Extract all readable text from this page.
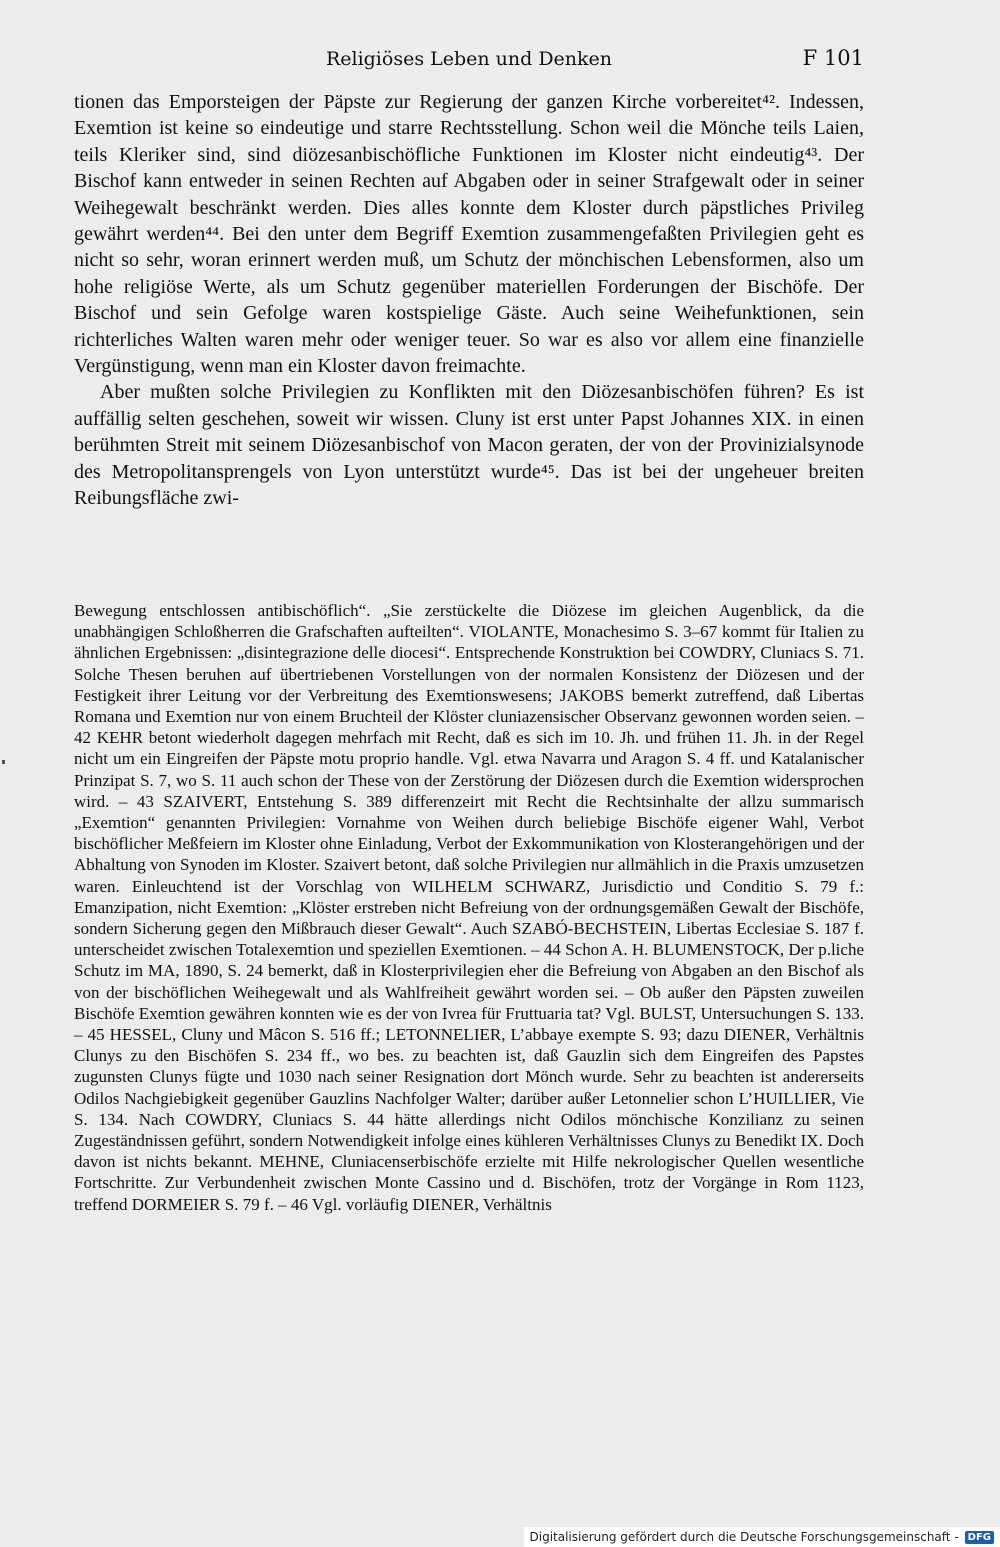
Religiöses Leben und Denken	F 101

tionen das Emporsteigen der Päpste zur Regierung der ganzen Kirche vorbereitet⁴². Indessen, Exemtion ist keine so eindeutige und starre Rechtsstellung. Schon weil die Mönche teils Laien, teils Kleriker sind, sind diözesanbischöfliche Funktionen im Kloster nicht eindeutig⁴³. Der Bischof kann entweder in seinen Rechten auf Abgaben oder in seiner Strafgewalt oder in seiner Weihegewalt beschränkt werden. Dies alles konnte dem Kloster durch päpstliches Privileg gewährt werden⁴⁴. Bei den unter dem Begriff Exemtion zusammengefaßten Privilegien geht es nicht so sehr, woran erinnert werden muß, um Schutz der mönchischen Lebensformen, also um hohe religiöse Werte, als um Schutz gegenüber materiellen Forderungen der Bischöfe. Der Bischof und sein Gefolge waren kostspielige Gäste. Auch seine Weihefunktionen, sein richterliches Walten waren mehr oder weniger teuer. So war es also vor allem eine finanzielle Vergünstigung, wenn man ein Kloster davon freimachte.

Aber mußten solche Privilegien zu Konflikten mit den Diözesanbischöfen führen? Es ist auffällig selten geschehen, soweit wir wissen. Cluny ist erst unter Papst Johannes XIX. in einen berühmten Streit mit seinem Diözesanbischof von Macon geraten, der von der Provinizialsynode des Metropolitansprengels von Lyon unterstützt wurde⁴⁵. Das ist bei der ungeheuer breiten Reibungsfläche zwi-

Bewegung entschlossen antibischöflich“. „Sie zerstückelte die Diözese im gleichen Augenblick, da die unabhängigen Schloßherren die Grafschaften aufteilten“. VIOLANTE, Monachesimo S. 3–67 kommt für Italien zu ähnlichen Ergebnissen: „disintegrazione delle diocesi“. Entsprechende Konstruktion bei COWDRY, Cluniacs S. 71. Solche Thesen beruhen auf übertriebenen Vorstellungen von der normalen Konsistenz der Diözesen und der Festigkeit ihrer Leitung vor der Verbreitung des Exemtionswesens; JAKOBS bemerkt zutreffend, daß Libertas Romana und Exemtion nur von einem Bruchteil der Klöster cluniazensischer Observanz gewonnen worden seien. – 42 KEHR betont wiederholt dagegen mehrfach mit Recht, daß es sich im 10. Jh. und frühen 11. Jh. in der Regel nicht um ein Eingreifen der Päpste motu proprio handle. Vgl. etwa Navarra und Aragon S. 4 ff. und Katalanischer Prinzipat S. 7, wo S. 11 auch schon der These von der Zerstörung der Diözesen durch die Exemtion widersprochen wird. – 43 SZAIVERT, Entstehung S. 389 differenzeirt mit Recht die Rechtsinhalte der allzu summarisch „Exemtion“ genannten Privilegien: Vornahme von Weihen durch beliebige Bischöfe eigener Wahl, Verbot bischöflicher Meßfeiern im Kloster ohne Einladung, Verbot der Exkommunikation von Klosterangehörigen und der Abhaltung von Synoden im Kloster. Szaivert betont, daß solche Privilegien nur allmählich in die Praxis umzusetzen waren. Einleuchtend ist der Vorschlag von WILHELM SCHWARZ, Jurisdictio und Conditio S. 79 f.: Emanzipation, nicht Exemtion: „Klöster erstreben nicht Befreiung von der ordnungsgemäßen Gewalt der Bischöfe, sondern Sicherung gegen den Mißbrauch dieser Gewalt“. Auch SZABÓ-BECHSTEIN, Libertas Ecclesiae S. 187 f. unterscheidet zwischen Totalexemtion und speziellen Exemtionen. – 44 Schon A. H. BLUMENSTOCK, Der p.liche Schutz im MA, 1890, S. 24 bemerkt, daß in Klosterprivilegien eher die Befreiung von Abgaben an den Bischof als von der bischöflichen Weihegewalt und als Wahlfreiheit gewährt worden sei. – Ob außer den Päpsten zuweilen Bischöfe Exemtion gewähren konnten wie es der von Ivrea für Fruttuaria tat? Vgl. BULST, Untersuchungen S. 133. – 45 HESSEL, Cluny und Mâcon S. 516 ff.; LETONNELIER, L’abbaye exempte S. 93; dazu DIENER, Verhältnis Clunys zu den Bischöfen S. 234 ff., wo bes. zu beachten ist, daß Gauzlin sich dem Eingreifen des Papstes zugunsten Clunys fügte und 1030 nach seiner Resignation dort Mönch wurde. Sehr zu beachten ist andererseits Odilos Nachgiebigkeit gegenüber Gauzlins Nachfolger Walter; darüber außer Letonnelier schon L’HUILLIER, Vie S. 134. Nach COWDRY, Cluniacs S. 44 hätte allerdings nicht Odilos mönchische Konzilianz zu seinen Zugeständnissen geführt, sondern Notwendigkeit infolge eines kühleren Verhältnisses Clunys zu Benedikt IX. Doch davon ist nichts bekannt. MEHNE, Cluniacenserbischöfe erzielte mit Hilfe nekrologischer Quellen wesentliche Fortschritte. Zur Verbundenheit zwischen Monte Cassino und d. Bischöfen, trotz der Vorgänge in Rom 1123, treffend DORMEIER S. 79 f. – 46 Vgl. vorläufig DIENER, Verhältnis

Digitalisierung gefördert durch die Deutsche Forschungsgemeinschaft - DFG
